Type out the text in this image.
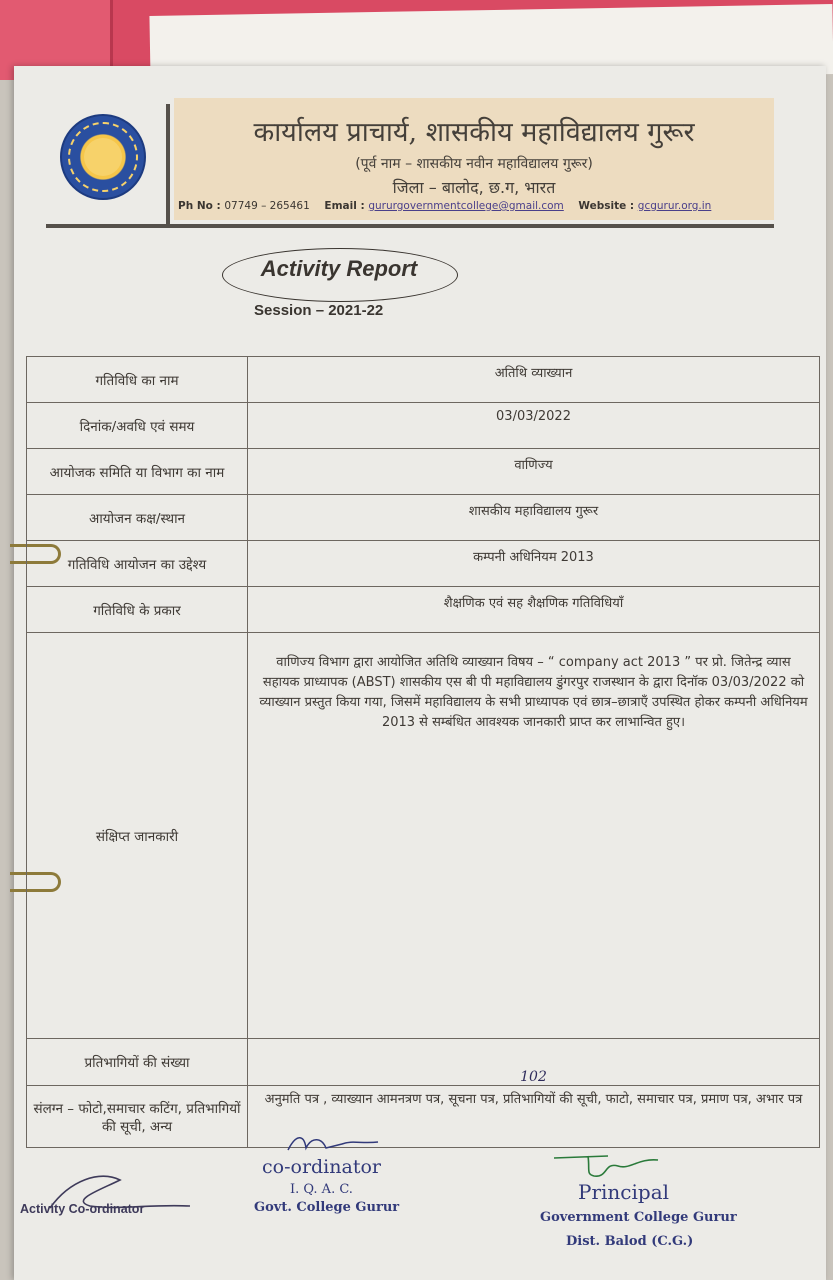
कार्यालय प्राचार्य, शासकीय महाविद्यालय गुरूर
(पूर्व नाम – शासकीय नवीन महाविद्यालय गुरूर)
जिला – बालोद, छ.ग, भारत
Ph No : 07749 – 265461 Email : gururgovernmentcollege@gmail.com Website : gcgurur.org.in
Activity Report
Session – 2021-22
गतिविधि का नाम	अतिथि व्याख्यान
दिनांक/अवधि एवं समय	03/03/2022
आयोजक समिति या विभाग का नाम	वाणिज्य
आयोजन कक्ष/स्थान	शासकीय महाविद्यालय गुरूर
गतिविधि आयोजन का उद्देश्य	कम्पनी अधिनियम 2013
गतिविधि के प्रकार	शैक्षणिक एवं सह शैक्षणिक गतिविधियाँ
संक्षिप्त जानकारी	वाणिज्य विभाग द्वारा आयोजित अतिथि व्याख्यान विषय – “ company act 2013 ” पर प्रो. जितेन्द्र व्यास सहायक प्राध्यापक (ABST) शासकीय एस बी पी महाविद्यालय डुंगरपुर राजस्थान के द्वारा दिनॉक 03/03/2022 को व्याख्यान प्रस्तुत किया गया, जिसमें महाविद्यालय के सभी प्राध्यापक एवं छात्र–छात्राऍं उपस्थित होकर कम्पनी अधिनियम 2013 से सम्बंधित आवश्यक जानकारी प्राप्त कर लाभान्वित हुए।
प्रतिभागियों की संख्या	102
संलग्न – फोटो,समाचार कटिंग, प्रतिभागियों की सूची, अन्य	अनुमति पत्र , व्याख्यान आमनत्रण पत्र, सूचना पत्र, प्रतिभागियों की सूची, फाटो, समाचार पत्र, प्रमाण पत्र, अभार पत्र
Activity Co-ordinator
co-ordinator
I. Q. A. C.
Govt. College Gurur
Principal
Government College Gurur
Dist. Balod (C.G.)
